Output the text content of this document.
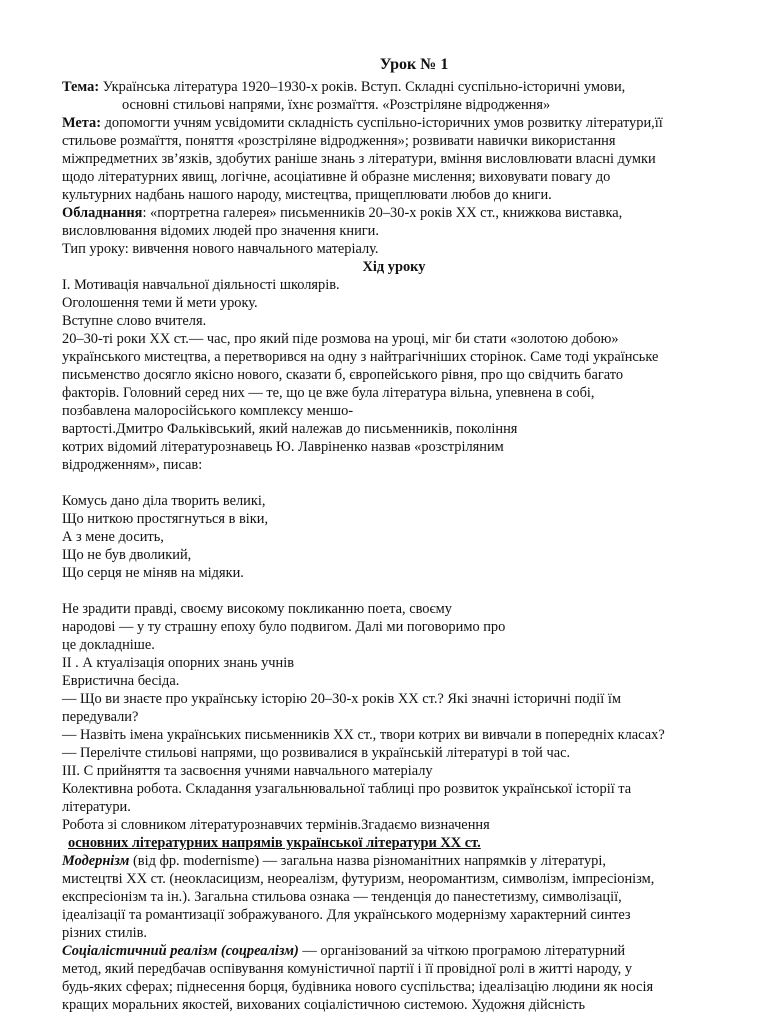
Урок № 1
Тема: Українська література 1920–1930-х років. Вступ. Складні суспільно-історичні умови,
основні стильові напрями, їхнє розмаїття. «Розстріляне відродження»
Мета: допомогти учням усвідомити складність суспільно-історичних умов розвитку літератури,її
стильове розмаїття, поняття «розстріляне відродження»; розвивати навички використання
міжпредметних зв’язків, здобутих раніше знань з літератури, вміння висловлювати власні думки
щодо літературних явищ, логічне, асоціативне й образне мислення; виховувати повагу до
культурних надбань нашого народу, мистецтва, прищеплювати любов до книги.
Обладнання: «портретна галерея» письменників 20–30-х років ХХ ст., книжкова виставка,
висловлювання відомих людей про значення книги.
Тип уроку: вивчення нового навчального матеріалу.
Хід уроку
I. Мотивація навчальної діяльності школярів.
Оголошення теми й мети уроку.
Вступне слово вчителя.
20–30-ті роки ХХ ст.— час, про який піде розмова на уроці, міг би стати «золотою добою»
українського мистецтва, а перетворився на одну з найтрагічніших сторінок. Саме тоді українське
письменство досягло якісно нового, сказати б, європейського рівня, про що свідчить багато
факторів. Головний серед них — те, що це вже була література вільна, упевнена в собі,
позбавлена малоросійського комплексу меншо-
вартості.Дмитро Фальківський, який належав до письменників, покоління
котрих відомий літературознавець Ю. Лавріненко назвав «розстріляним
відродженням», писав:
Комусь дано діла творить великі,
Що ниткою простягнуться в віки,
А з мене досить,
Що не був дволикий,
Що серця не міняв на мідяки.
Не зрадити правді, своєму високому покликанню поета, своєму
народові — у ту страшну епоху було подвигом. Далі ми поговоримо про
це докладніше.
II . А ктуалізація опорних знань учнів
Евристична бесіда.
— Що ви знаєте про українську історію 20–30-х років ХХ ст.? Які значні історичні події їм
передували?
— Назвіть імена українських письменників ХХ ст., твори котрих ви вивчали в попередніх класах?
— Перелічте стильові напрями, що розвивалися в українській літературі в той час.
III. С прийняття та засвоєння учнями навчального матеріалу
Колективна робота. Складання узагальнювальної таблиці про розвиток української історії та
літератури.
Робота зі словником літературознавчих термінів.Згадаємо визначення
основних літературних напрямів української літератури ХХ ст.
Модернізм (від фр. modernisme) — загальна назва різноманітних напрямків у літературі,
мистецтві ХХ ст. (неокласицизм, неореалізм, футуризм, неоромантизм, символізм, імпресіонізм,
експресіонізм та ін.). Загальна стильова ознака — тенденція до панестетизму, символізації,
ідеалізації та романтизації зображуваного. Для українського модернізму характерний синтез
різних стилів.
Соціалістичний реалізм (соцреалізм) — організований за чіткою програмою літературний
метод, який передбачав оспівування комуністичної партії і її провідної ролі в житті народу, у
будь-яких сферах; піднесення борця, будівника нового суспільства; ідеалізацію людини як носія
кращих моральних якостей, вихованих соціалістичною системою. Художня дійсність
